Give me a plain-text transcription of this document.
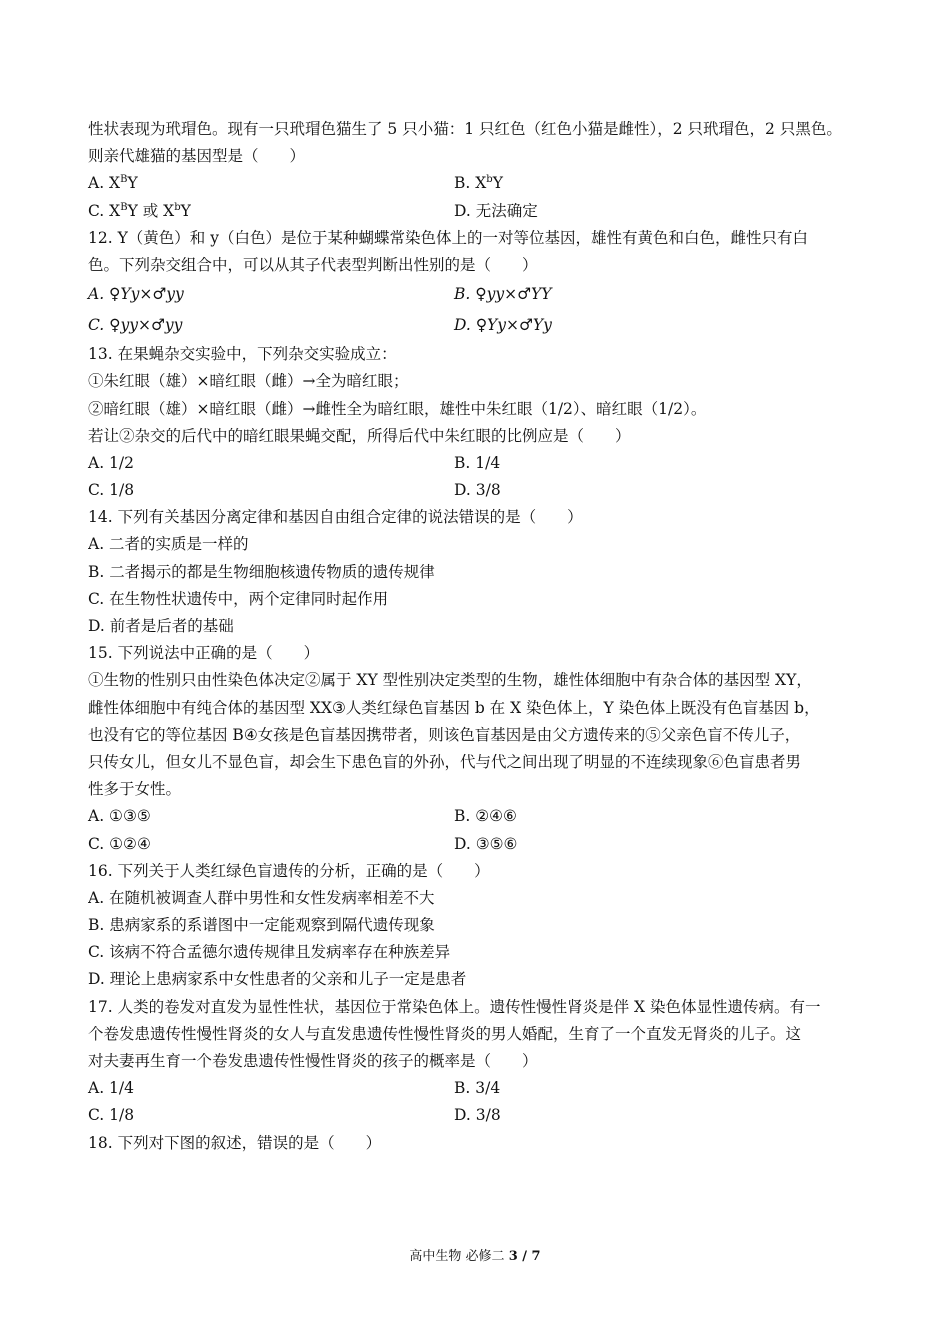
性状表现为玳瑁色。现有一只玳瑁色猫生了 5 只小猫：1 只红色（红色小猫是雌性），2 只玳瑁色，2 只黑色。
则亲代雄猫的基因型是（　　）
A. $X^BY$	B. $X^bY$
C. $X^BY$ 或 $X^bY$	D. 无法确定
12. Y（黄色）和 y（白色）是位于某种蝴蝶常染色体上的一对等位基因，雄性有黄色和白色，雌性只有白
色。下列杂交组合中，可以从其子代表型判断出性别的是（　　）
A. ♀Yy×♂yy	B. ♀yy×♂YY
C. ♀yy×♂yy	D. ♀Yy×♂Yy
13. 在果蝇杂交实验中，下列杂交实验成立：
①朱红眼（雄）×暗红眼（雌）→全为暗红眼；
②暗红眼（雄）×暗红眼（雌）→雌性全为暗红眼，雄性中朱红眼（1/2）、暗红眼（1/2）。
若让②杂交的后代中的暗红眼果蝇交配，所得后代中朱红眼的比例应是（　　）
A. 1/2	B. 1/4
C. 1/8	D. 3/8
14. 下列有关基因分离定律和基因自由组合定律的说法错误的是（　　）
A. 二者的实质是一样的
B. 二者揭示的都是生物细胞核遗传物质的遗传规律
C. 在生物性状遗传中，两个定律同时起作用
D. 前者是后者的基础
15. 下列说法中正确的是（　　）
①生物的性别只由性染色体决定②属于 XY 型性别决定类型的生物，雄性体细胞中有杂合体的基因型 XY，
雌性体细胞中有纯合体的基因型 XX③人类红绿色盲基因 b 在 X 染色体上，Y 染色体上既没有色盲基因 b，
也没有它的等位基因 B④女孩是色盲基因携带者，则该色盲基因是由父方遗传来的⑤父亲色盲不传儿子，
只传女儿，但女儿不显色盲，却会生下患色盲的外孙，代与代之间出现了明显的不连续现象⑥色盲患者男
性多于女性。
A. ①③⑤	B. ②④⑥
C. ①②④	D. ③⑤⑥
16. 下列关于人类红绿色盲遗传的分析，正确的是（　　）
A. 在随机被调查人群中男性和女性发病率相差不大
B. 患病家系的系谱图中一定能观察到隔代遗传现象
C. 该病不符合孟德尔遗传规律且发病率存在种族差异
D. 理论上患病家系中女性患者的父亲和儿子一定是患者
17. 人类的卷发对直发为显性性状，基因位于常染色体上。遗传性慢性肾炎是伴 X 染色体显性遗传病。有一
个卷发患遗传性慢性肾炎的女人与直发患遗传性慢性肾炎的男人婚配，生育了一个直发无肾炎的儿子。这
对夫妻再生育一个卷发患遗传性慢性肾炎的孩子的概率是（　　）
A. 1/4	B. 3/4
C. 1/8	D. 3/8
18. 下列对下图的叙述，错误的是（　　）
高中生物 必修二 3 / 7
